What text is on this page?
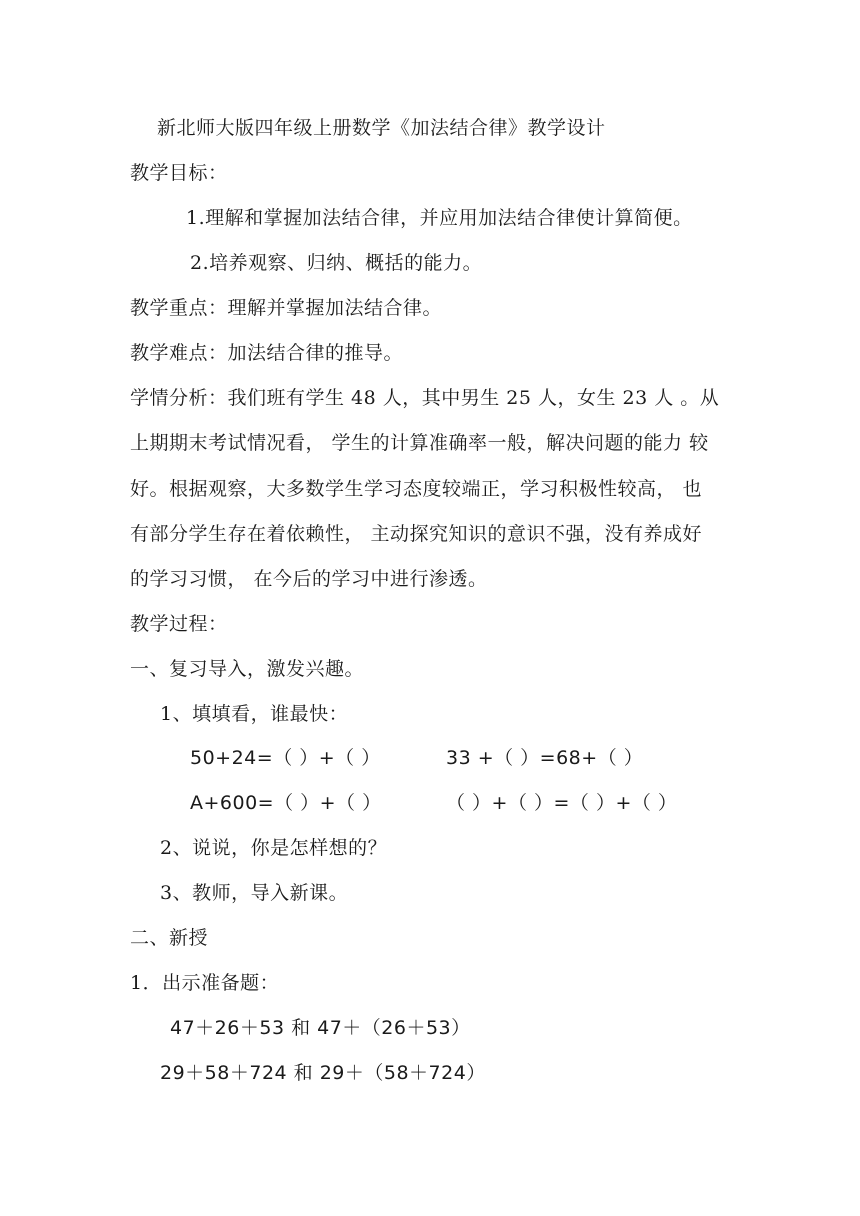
新北师大版四年级上册数学《加法结合律》教学设计
教学目标：
1.理解和掌握加法结合律，并应用加法结合律使计算简便。
2.培养观察、归纳、概括的能力。
教学重点：理解并掌握加法结合律。
教学难点：加法结合律的推导。
学情分析：我们班有学生 48 人，其中男生 25 人，女生 23 人 。从
上期期末考试情况看， 学生的计算准确率一般，解决问题的能力 较
好。根据观察，大多数学生学习态度较端正，学习积极性较高， 也
有部分学生存在着依赖性， 主动探究知识的意识不强，没有养成好
的学习习惯， 在今后的学习中进行渗透。
教学过程：
一、复习导入，激发兴趣。
1、填填看，谁最快：
50+24=（ ）+（ ）	33 +（ ）=68+（ ）
A+600=（ ）+（ ）	（ ）+（ ）=（ ）+（ ）
2、说说，你是怎样想的？
3、教师，导入新课。
二、新授
1．出示准备题：
47＋26＋53 和 47＋（26＋53）
29＋58＋724 和 29＋（58＋724）
